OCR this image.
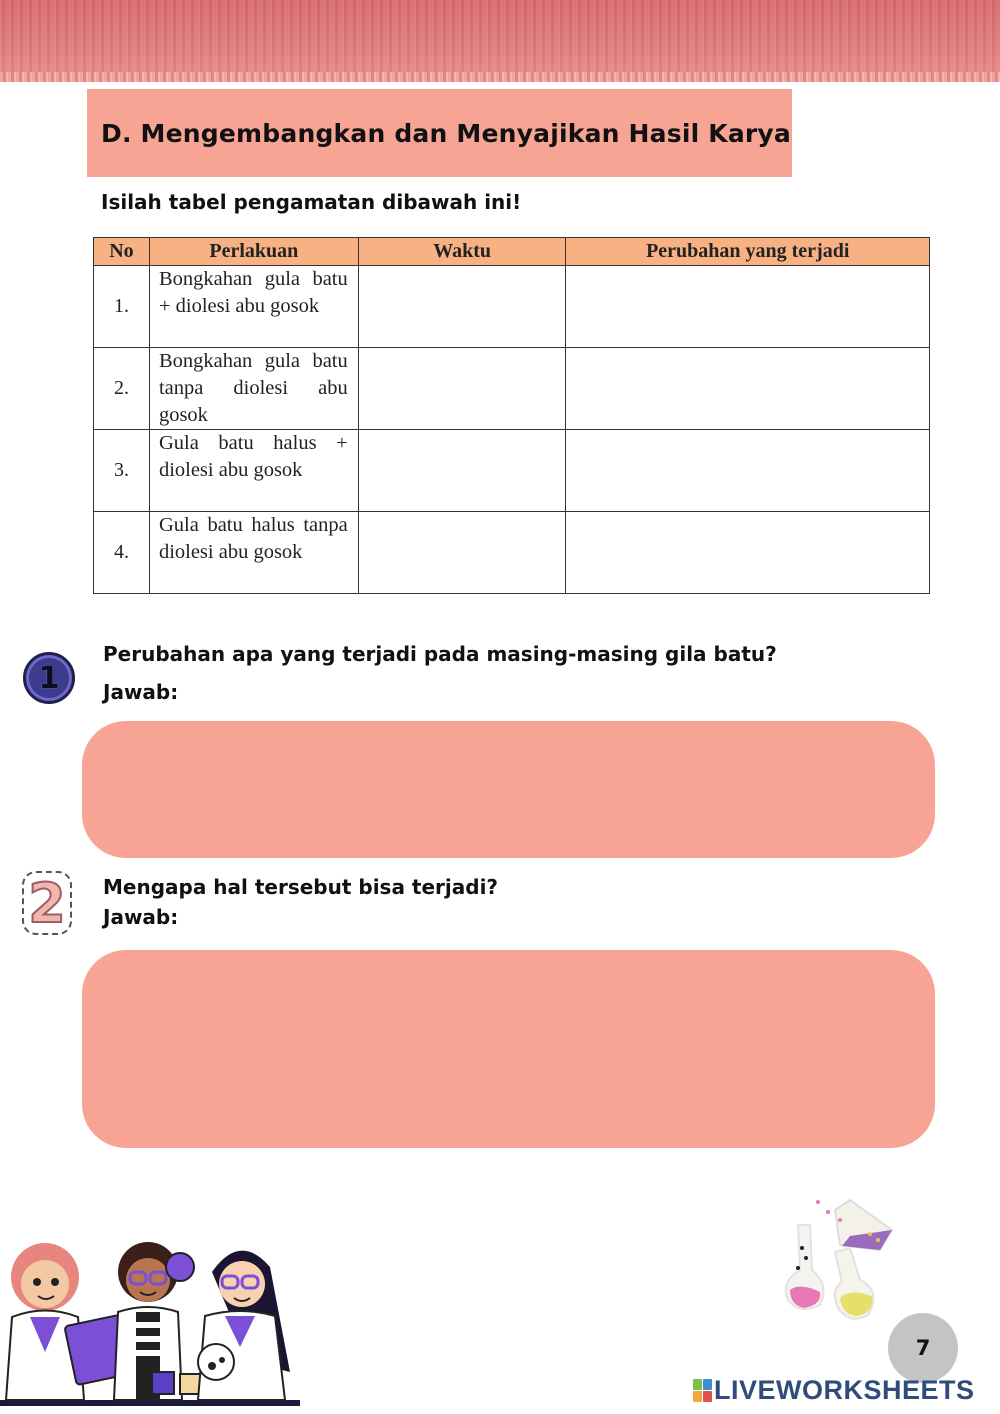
D. Mengembangkan dan Menyajikan Hasil Karya
Isilah tabel pengamatan dibawah ini!
No	Perlakuan	Waktu	Perubahan yang terjadi
1.	Bongkahan gula batu + diolesi abu gosok		
2.	Bongkahan gula batu tanpa diolesi abu gosok		
3.	Gula batu halus + diolesi abu gosok		
4.	Gula batu halus tanpa diolesi abu gosok		
1
Perubahan apa yang terjadi pada masing-masing gila batu?
Jawab:
2 Mengapa hal tersebut bisa terjadi?
Jawab:
7
LIVEWORKSHEETS
